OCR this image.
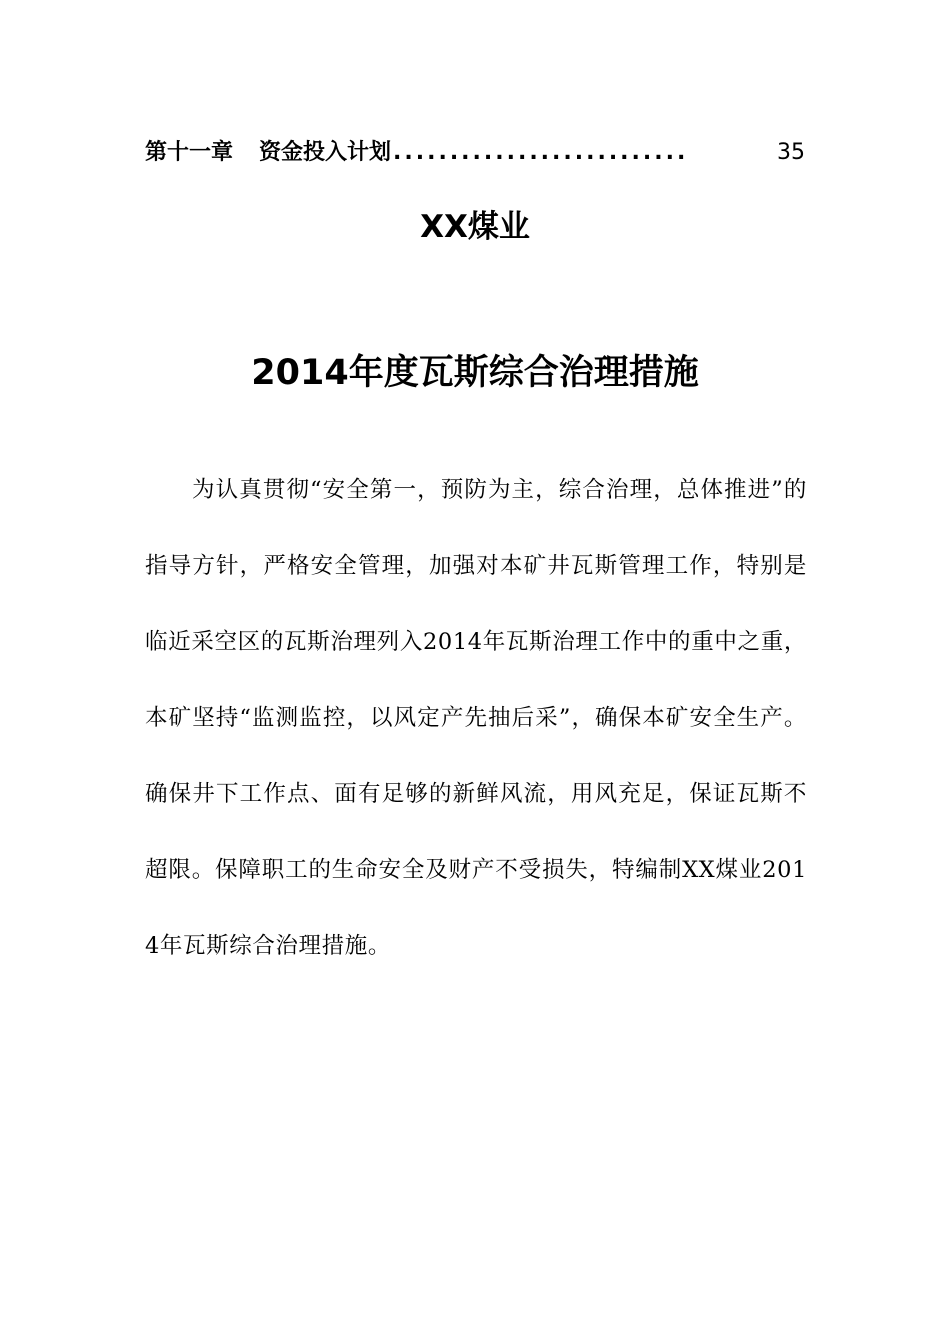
第十一章 资金投入计划 ..........................	35
XX煤业
2014年度瓦斯综合治理措施

为认真贯彻“安全第一，预防为主，综合治理，总体推进”的指导方针，严格安全管理，加强对本矿井瓦斯管理工作，特别是临近采空区的瓦斯治理列入2014年瓦斯治理工作中的重中之重，本矿坚持“监测监控，以风定产先抽后采”，确保本矿安全生产。确保井下工作点、面有足够的新鲜风流，用风充足，保证瓦斯不超限。保障职工的生命安全及财产不受损失，特编制XX煤业2014年瓦斯综合治理措施。
